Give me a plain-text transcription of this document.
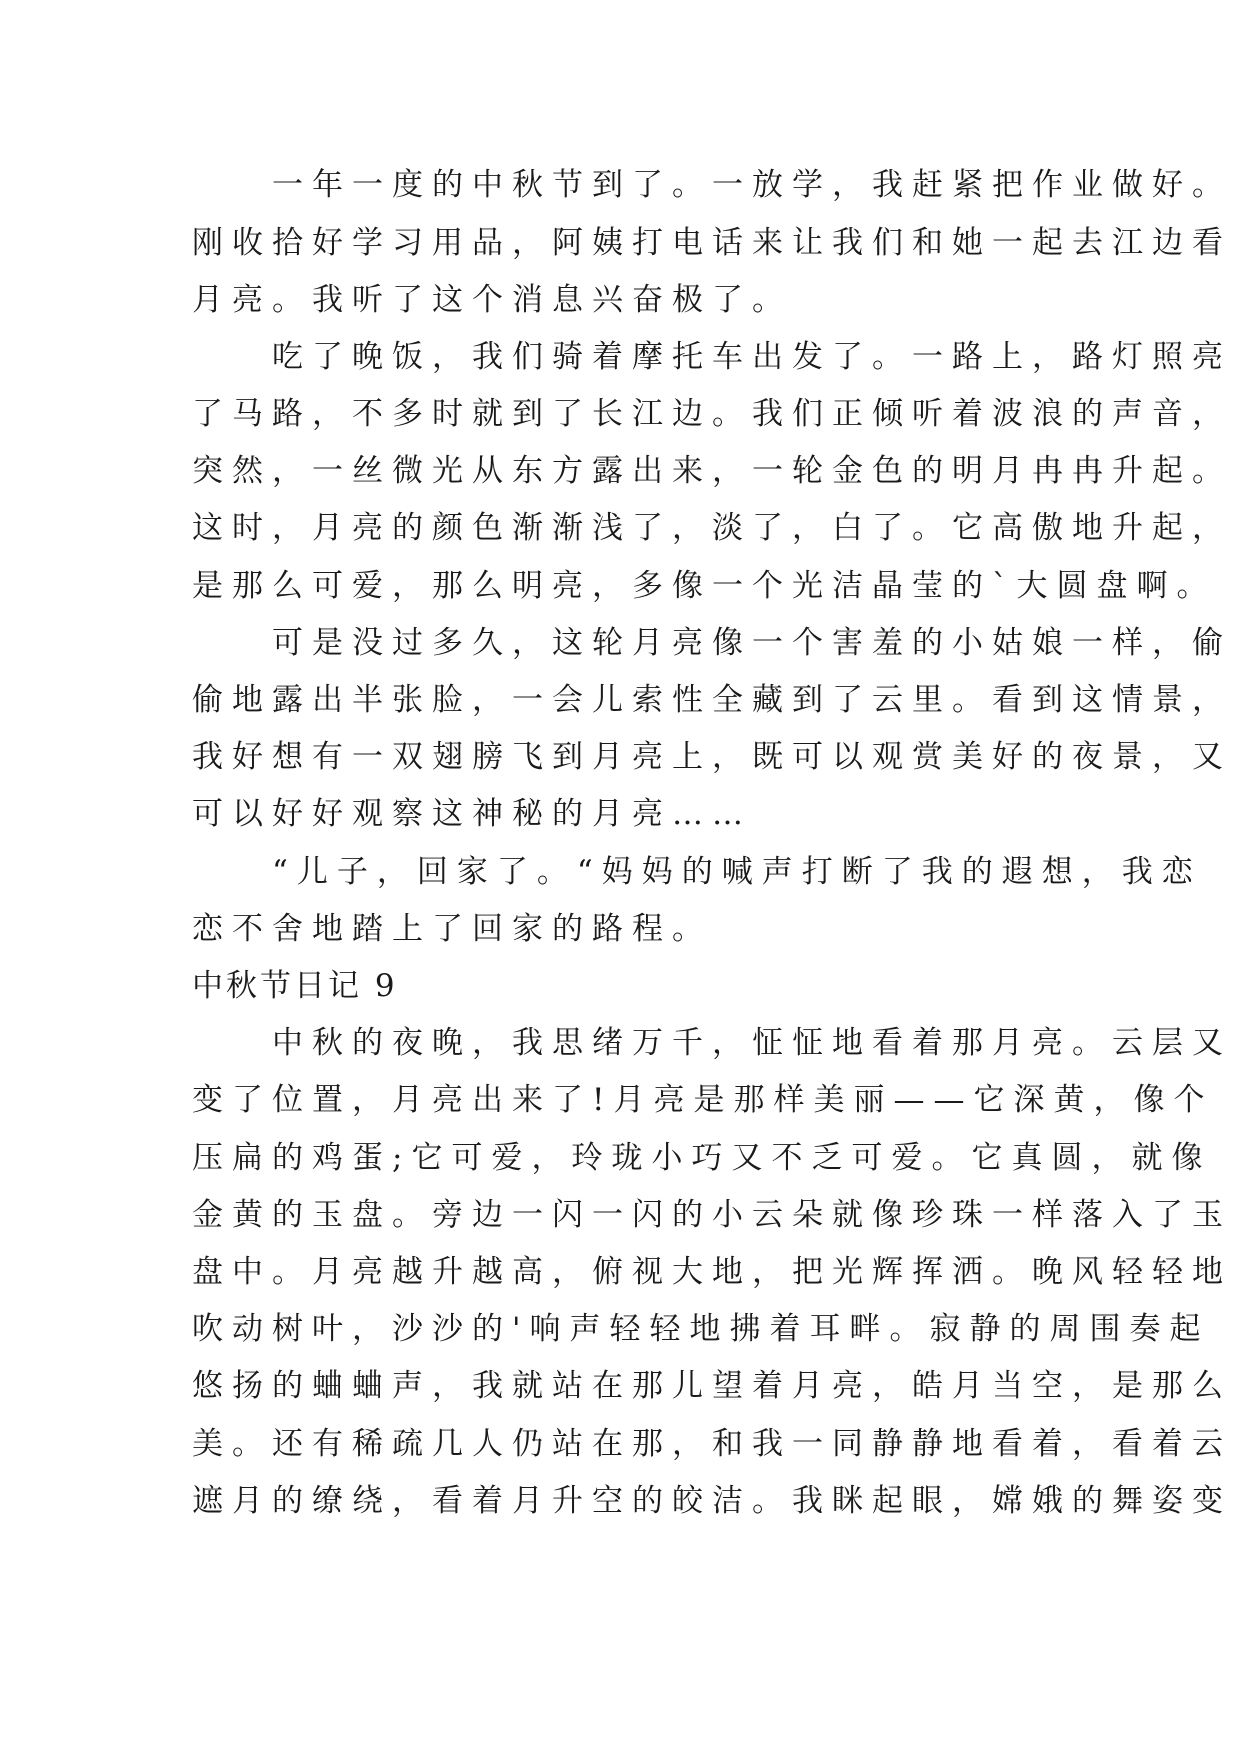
　　一年一度的中秋节到了。一放学，我赶紧把作业做好。
刚收拾好学习用品，阿姨打电话来让我们和她一起去江边看
月亮。我听了这个消息兴奋极了。
　　吃了晚饭，我们骑着摩托车出发了。一路上，路灯照亮
了马路，不多时就到了长江边。我们正倾听着波浪的声音，
突然，一丝微光从东方露出来，一轮金色的明月冉冉升起。
这时，月亮的颜色渐渐浅了，淡了，白了。它高傲地升起，
是那么可爱，那么明亮，多像一个光洁晶莹的`大圆盘啊。
　　可是没过多久，这轮月亮像一个害羞的小姑娘一样，偷
偷地露出半张脸，一会儿索性全藏到了云里。看到这情景，
我好想有一双翅膀飞到月亮上，既可以观赏美好的夜景，又
可以好好观察这神秘的月亮……
　　“儿子，回家了。“妈妈的喊声打断了我的遐想，我恋
恋不舍地踏上了回家的路程。
中秋节日记 9
　　中秋的夜晚，我思绪万千，怔怔地看着那月亮。云层又
变了位置，月亮出来了!月亮是那样美丽——它深黄，像个
压扁的鸡蛋;它可爱，玲珑小巧又不乏可爱。它真圆，就像
金黄的玉盘。旁边一闪一闪的小云朵就像珍珠一样落入了玉
盘中。月亮越升越高，俯视大地，把光辉挥洒。晚风轻轻地
吹动树叶，沙沙的'响声轻轻地拂着耳畔。寂静的周围奏起
悠扬的蛐蛐声，我就站在那儿望着月亮，皓月当空，是那么
美。还有稀疏几人仍站在那，和我一同静静地看着，看着云
遮月的缭绕，看着月升空的皎洁。我眯起眼，嫦娥的舞姿变
